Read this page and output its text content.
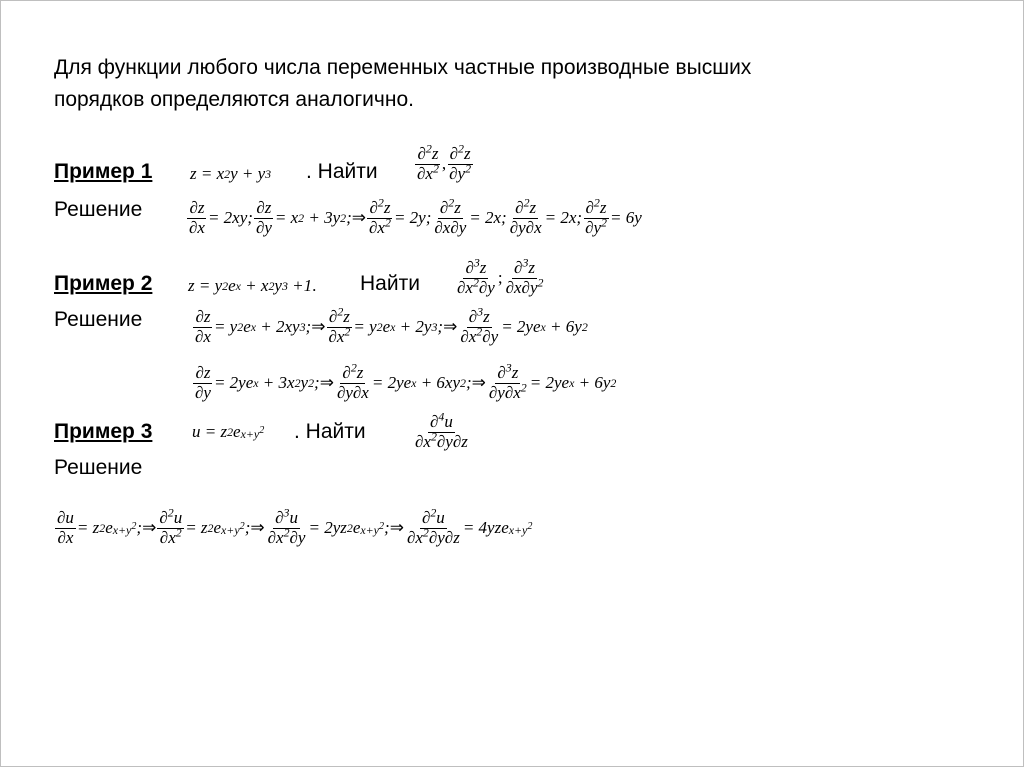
Для функции любого числа переменных частные производные высших
порядков определяются аналогично.
Пример 1 z = x 2 y + y 3 . Найти $\frac{\partial^2z}{\partial x^2}$ , $\frac{\partial^2z}{\partial y^2}$
Решение	$\frac{\partial z}{\partial x} = 2xy$; $\frac{\partial z}{\partial y} = x$ 2 + 3y 2 ; ⇒ $\frac{\partial^2z}{\partial x^2} = 2y$; $\frac{\partial^2z}{\partial x\partial y} = 2x$; $\frac{\partial^2z}{\partial y\partial x} = 2x$; $\frac{\partial^2z}{\partial y^2} = 6y$
Пример 2 z = y 2 e x + x 2 y 3 +1 . Найти $\frac{\partial^3z}{\partial x^2\partial y}$ ; $\frac{\partial^3z}{\partial x\partial y^2}$
Решение	$\frac{\partial z}{\partial x} = y$ 2 e x + 2xy 3 ; ⇒ $\frac{\partial^2z}{\partial x^2} = y$ 2 e x + 2y 3 ; ⇒ $\frac{\partial^3z}{\partial x^2\partial y} = 2ye$ x + 6y 2
$\frac{\partial z}{\partial y} = 2ye$ x + 3x 2 y 2 ; ⇒ $\frac{\partial^2z}{\partial y\partial x} = 2ye$ x + 6xy 2 ; ⇒ $\frac{\partial^3z}{\partial y\partial x^2} = 2ye$ x + 6y 2
Пример 3 u = z 2 e $x+y^2$ . Найти	$\frac{\partial^4u}{\partial x^2\partial y\partial z}$
Решение
$\frac{\partial u}{\partial x} = z$ 2 e $x+y^2$ ; ⇒ $\frac{\partial^2u}{\partial x^2} = z$ 2 e $x+y^2$ ; ⇒ $\frac{\partial^3u}{\partial x^2\partial y} = 2yz$ 2 e $x+y^2$ ; ⇒ $\frac{\partial^2u}{\partial x^2\partial y\partial z} = 4yze$ $x+y^2$
